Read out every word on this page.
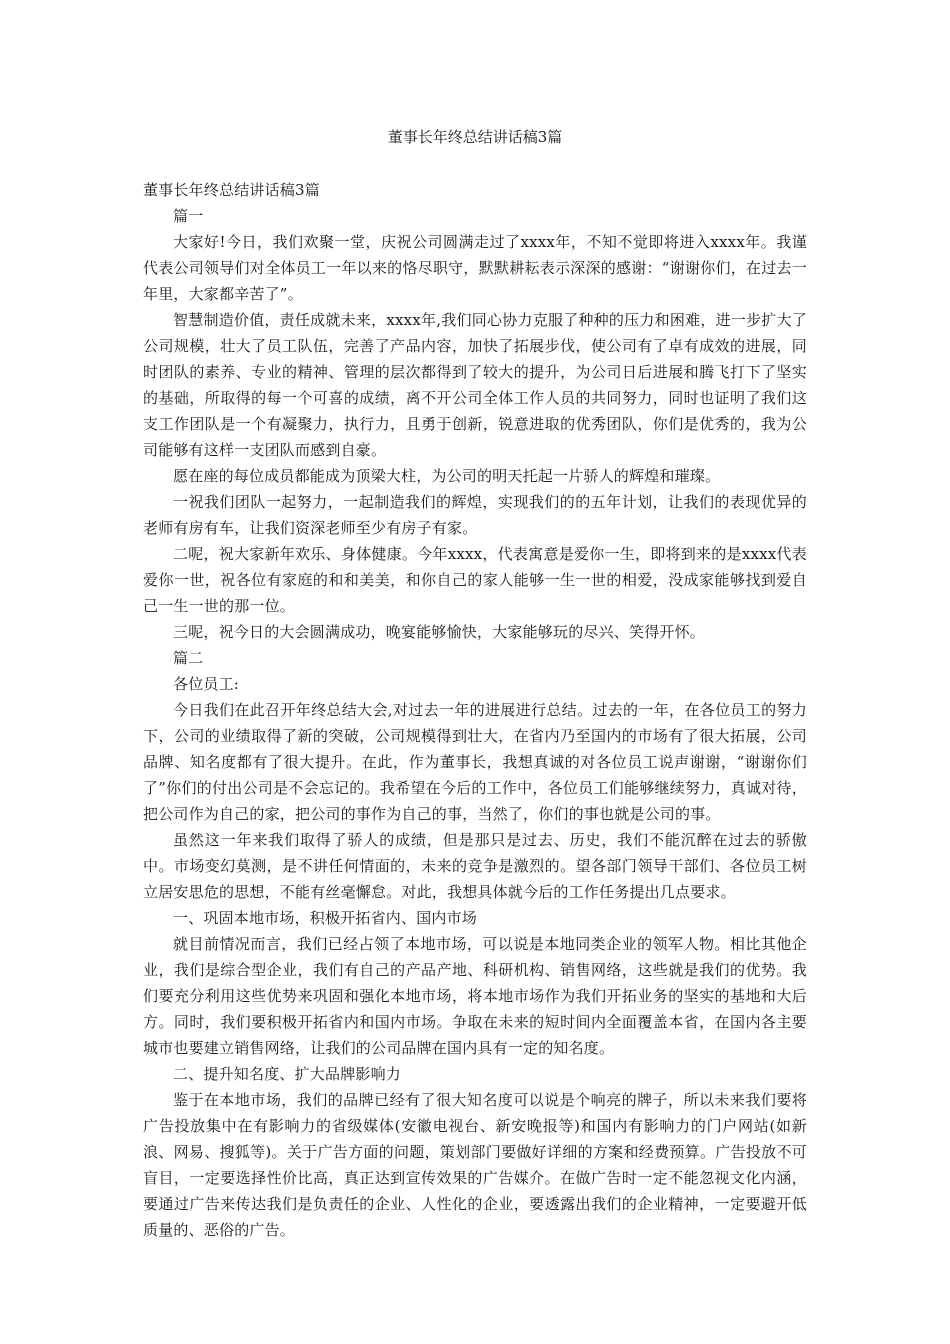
董事长年终总结讲话稿3篇

董事长年终总结讲话稿3篇

篇一

大家好!今日，我们欢聚一堂，庆祝公司圆满走过了xxxx年，不知不觉即将进入xxxx年。我谨代表公司领导们对全体员工一年以来的恪尽职守，默默耕耘表示深深的感谢：“谢谢你们，在过去一年里，大家都辛苦了”。

智慧制造价值，责任成就未来，xxxx年,我们同心协力克服了种种的压力和困难，进一步扩大了公司规模，壮大了员工队伍，完善了产品内容，加快了拓展步伐，使公司有了卓有成效的进展，同时团队的素养、专业的精神、管理的层次都得到了较大的提升，为公司日后进展和腾飞打下了坚实的基础，所取得的每一个可喜的成绩，离不开公司全体工作人员的共同努力，同时也证明了我们这支工作团队是一个有凝聚力，执行力，且勇于创新，锐意进取的优秀团队，你们是优秀的，我为公司能够有这样一支团队而感到自豪。

愿在座的每位成员都能成为顶梁大柱，为公司的明天托起一片骄人的辉煌和璀璨。

一祝我们团队一起努力，一起制造我们的辉煌，实现我们的的五年计划，让我们的表现优异的老师有房有车，让我们资深老师至少有房子有家。

二呢，祝大家新年欢乐、身体健康。今年xxxx，代表寓意是爱你一生，即将到来的是xxxx代表爱你一世，祝各位有家庭的和和美美，和你自己的家人能够一生一世的相爱，没成家能够找到爱自己一生一世的那一位。

三呢，祝今日的大会圆满成功，晚宴能够愉快，大家能够玩的尽兴、笑得开怀。

篇二

各位员工:

今日我们在此召开年终总结大会,对过去一年的进展进行总结。过去的一年，在各位员工的努力下，公司的业绩取得了新的突破，公司规模得到壮大，在省内乃至国内的市场有了很大拓展，公司品牌、知名度都有了很大提升。在此，作为董事长，我想真诚的对各位员工说声谢谢，“谢谢你们了”你们的付出公司是不会忘记的。我希望在今后的工作中，各位员工们能够继续努力，真诚对待，把公司作为自己的家，把公司的事作为自己的事，当然了，你们的事也就是公司的事。

虽然这一年来我们取得了骄人的成绩，但是那只是过去、历史，我们不能沉醉在过去的骄傲中。市场变幻莫测，是不讲任何情面的，未来的竞争是激烈的。望各部门领导干部们、各位员工树立居安思危的思想，不能有丝毫懈怠。对此，我想具体就今后的工作任务提出几点要求。

一、巩固本地市场，积极开拓省内、国内市场

就目前情况而言，我们已经占领了本地市场，可以说是本地同类企业的领军人物。相比其他企业，我们是综合型企业，我们有自己的产品产地、科研机构、销售网络，这些就是我们的优势。我们要充分利用这些优势来巩固和强化本地市场，将本地市场作为我们开拓业务的坚实的基地和大后方。同时，我们要积极开拓省内和国内市场。争取在未来的短时间内全面覆盖本省，在国内各主要城市也要建立销售网络，让我们的公司品牌在国内具有一定的知名度。

二、提升知名度、扩大品牌影响力

鉴于在本地市场，我们的品牌已经有了很大知名度可以说是个响亮的牌子，所以未来我们要将广告投放集中在有影响力的省级媒体(安徽电视台、新安晚报等)和国内有影响力的门户网站(如新浪、网易、搜狐等)。关于广告方面的问题，策划部门要做好详细的方案和经费预算。广告投放不可盲目，一定要选择性价比高，真正达到宣传效果的广告媒介。在做广告时一定不能忽视文化内涵，要通过广告来传达我们是负责任的企业、人性化的企业，要透露出我们的企业精神，一定要避开低质量的、恶俗的广告。
